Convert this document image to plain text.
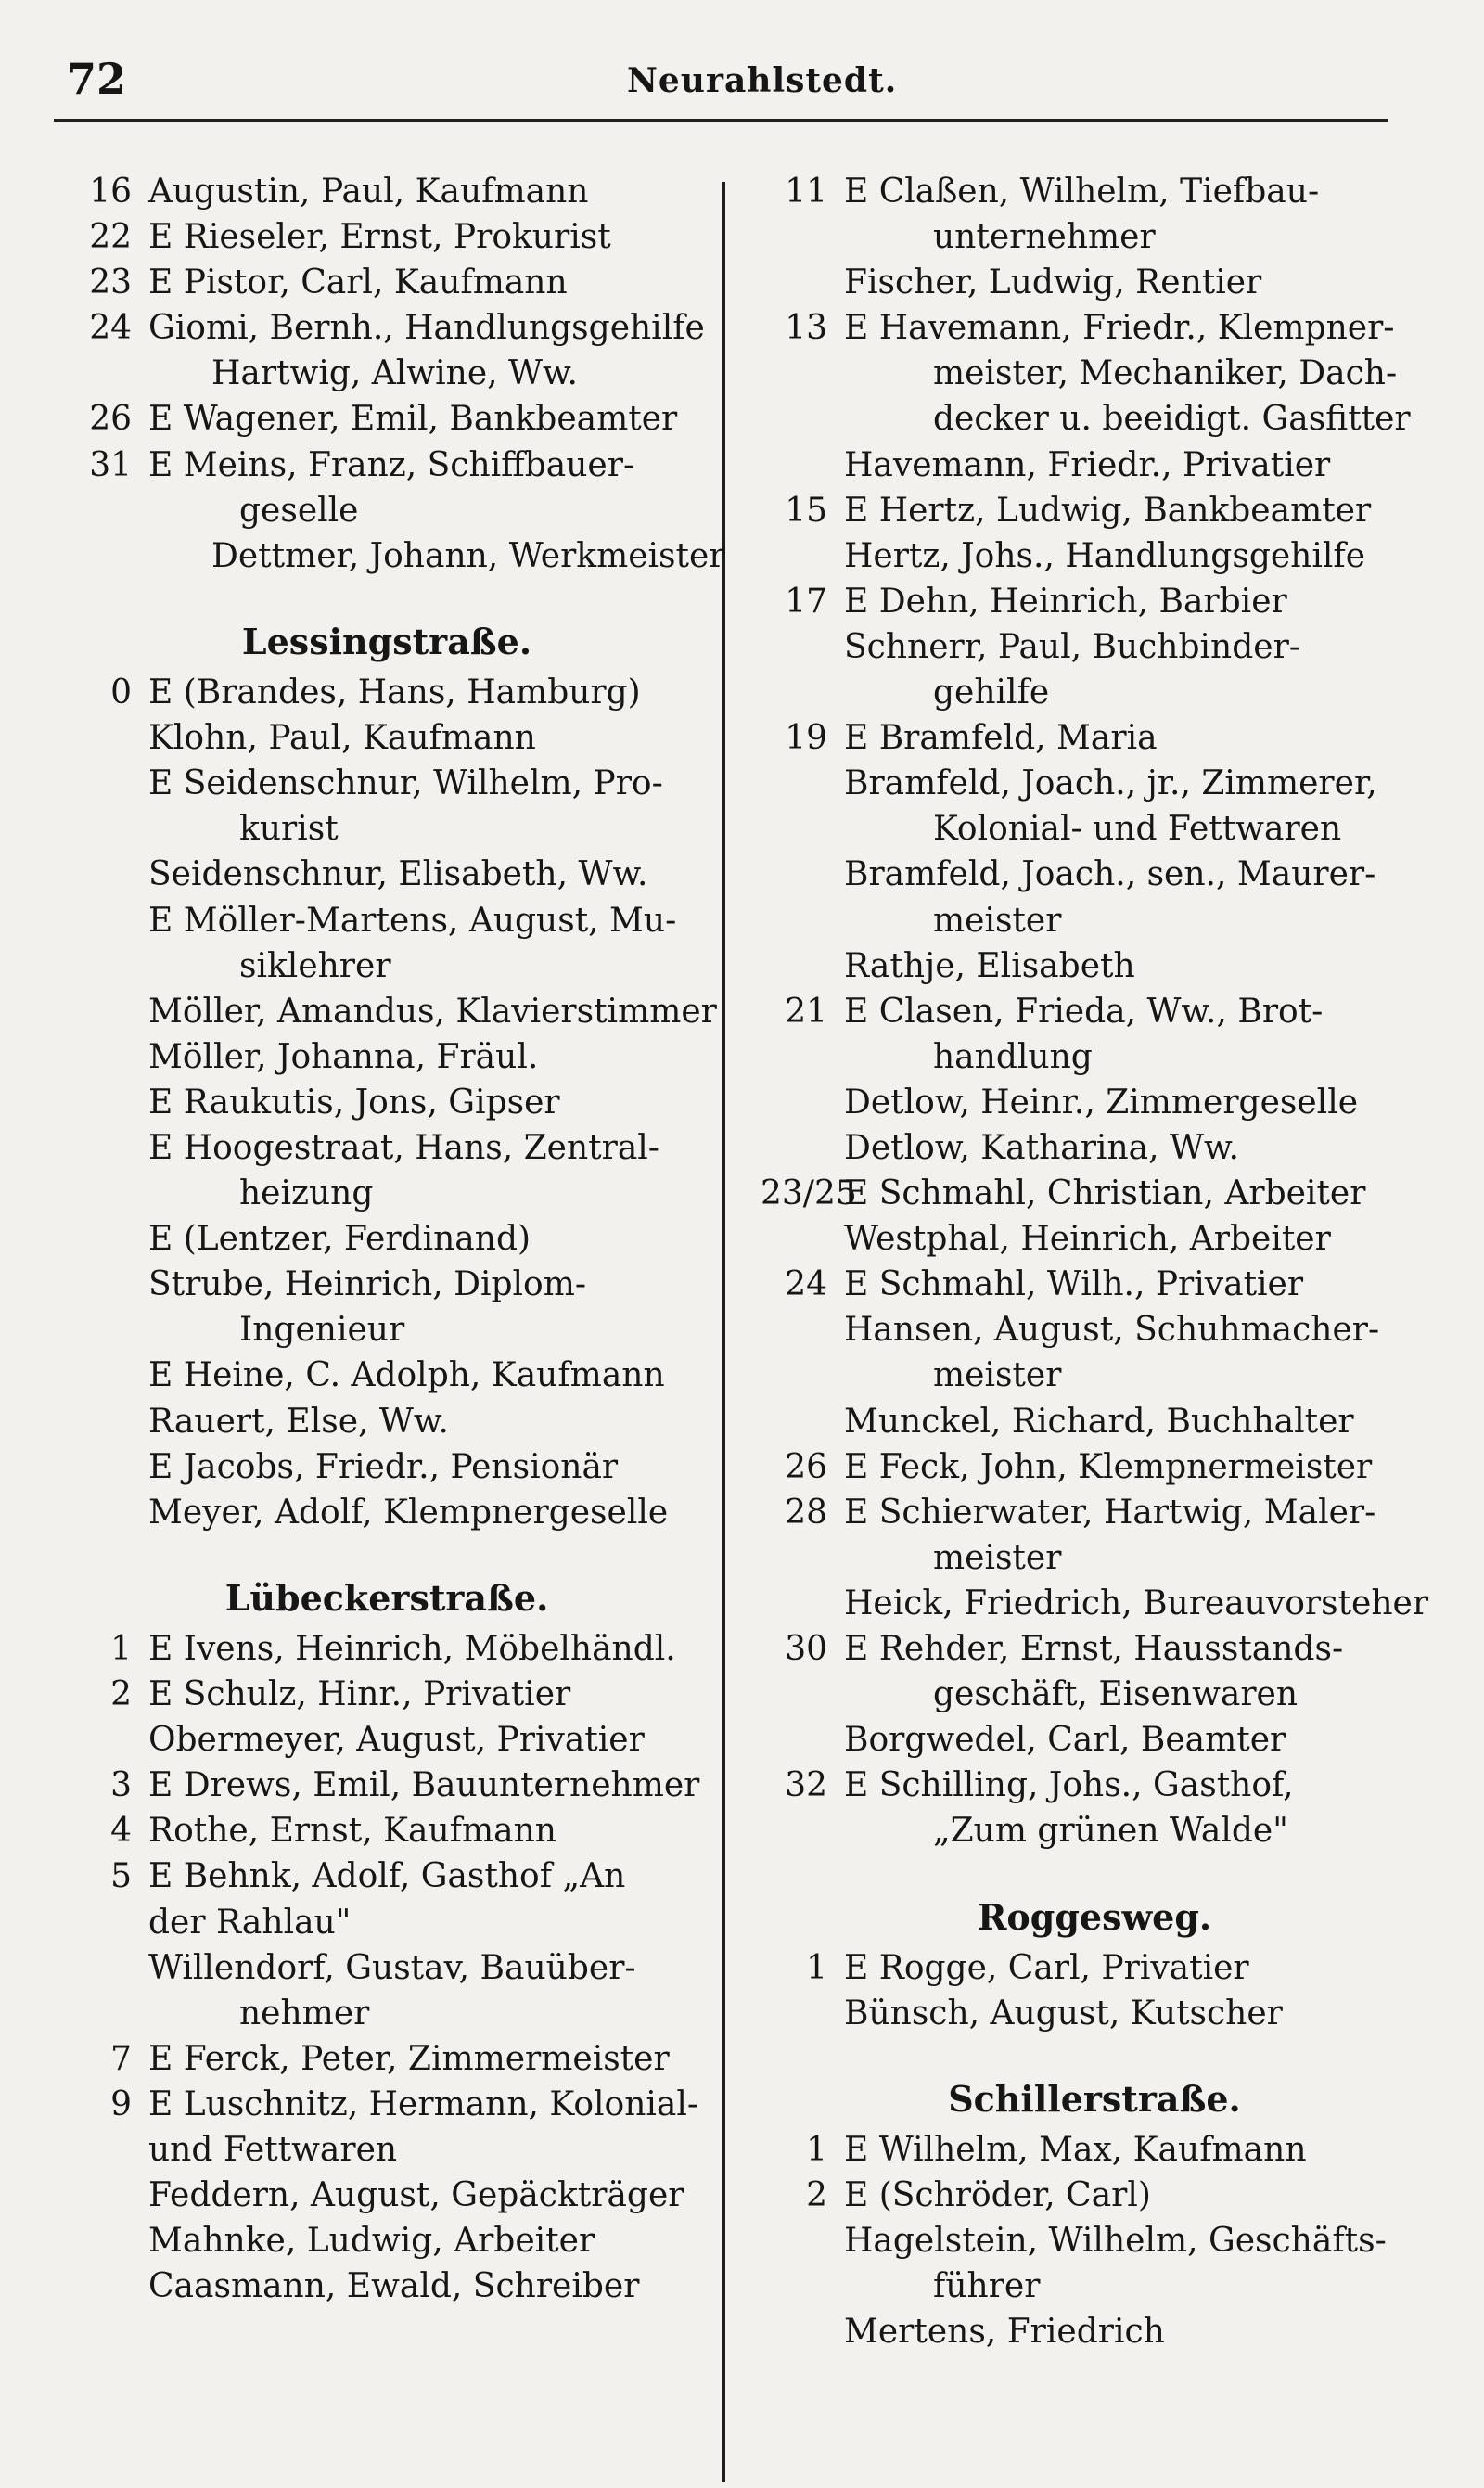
72	Neurahlstedt.
16 Augustin, Paul, Kaufmann
22 E Rieseler, Ernst, Prokurist
23 E Pistor, Carl, Kaufmann
24 Giomi, Bernh., Handlungsgehilfe
Hartwig, Alwine, Ww.
26 E Wagener, Emil, Bankbeamter
31 E Meins, Franz, Schiffbauer-
geselle
Dettmer, Johann, Werkmeister
Lessingstraße.
0 E (Brandes, Hans, Hamburg)
Klohn, Paul, Kaufmann
E Seidenschnur, Wilhelm, Pro-
kurist
Seidenschnur, Elisabeth, Ww.
E Möller-Martens, August, Mu-
siklehrer
Möller, Amandus, Klavierstimmer
Möller, Johanna, Fräul.
E Raukutis, Jons, Gipser
E Hoogestraat, Hans, Zentral-
heizung
E (Lentzer, Ferdinand)
Strube, Heinrich, Diplom-
Ingenieur
E Heine, C. Adolph, Kaufmann
Rauert, Else, Ww.
E Jacobs, Friedr., Pensionär
Meyer, Adolf, Klempnergeselle
Lübeckerstraße.
1 E Ivens, Heinrich, Möbelhändl.
2 E Schulz, Hinr., Privatier
Obermeyer, August, Privatier
3 E Drews, Emil, Bauunternehmer
4 Rothe, Ernst, Kaufmann
5 E Behnk, Adolf, Gasthof „An
der Rahlau"
Willendorf, Gustav, Bauüber-
nehmer
7 E Ferck, Peter, Zimmermeister
9 E Luschnitz, Hermann, Kolonial-
und Fettwaren
Feddern, August, Gepäckträger
Mahnke, Ludwig, Arbeiter
Caasmann, Ewald, Schreiber
11 E Claßen, Wilhelm, Tiefbau-
unternehmer
Fischer, Ludwig, Rentier
13 E Havemann, Friedr., Klempner-
meister, Mechaniker, Dach-
decker u. beeidigt. Gasfitter
Havemann, Friedr., Privatier
15 E Hertz, Ludwig, Bankbeamter
Hertz, Johs., Handlungsgehilfe
17 E Dehn, Heinrich, Barbier
Schnerr, Paul, Buchbinder-
gehilfe
19 E Bramfeld, Maria
Bramfeld, Joach., jr., Zimmerer,
Kolonial- und Fettwaren
Bramfeld, Joach., sen., Maurer-
meister
Rathje, Elisabeth
21 E Clasen, Frieda, Ww., Brot-
handlung
Detlow, Heinr., Zimmergeselle
Detlow, Katharina, Ww.
23/25
E Schmahl, Christian, Arbeiter
Westphal, Heinrich, Arbeiter
24 E Schmahl, Wilh., Privatier
Hansen, August, Schuhmacher-
meister
Munckel, Richard, Buchhalter
26 E Feck, John, Klempnermeister
28 E Schierwater, Hartwig, Maler-
meister
Heick, Friedrich, Bureauvorsteher
30 E Rehder, Ernst, Hausstands-
geschäft, Eisenwaren
Borgwedel, Carl, Beamter
32 E Schilling, Johs., Gasthof,
„Zum grünen Walde"
Roggesweg.
1 E Rogge, Carl, Privatier
Bünsch, August, Kutscher
Schillerstraße.
1 E Wilhelm, Max, Kaufmann
2 E (Schröder, Carl)
Hagelstein, Wilhelm, Geschäfts-
führer
Mertens, Friedrich
